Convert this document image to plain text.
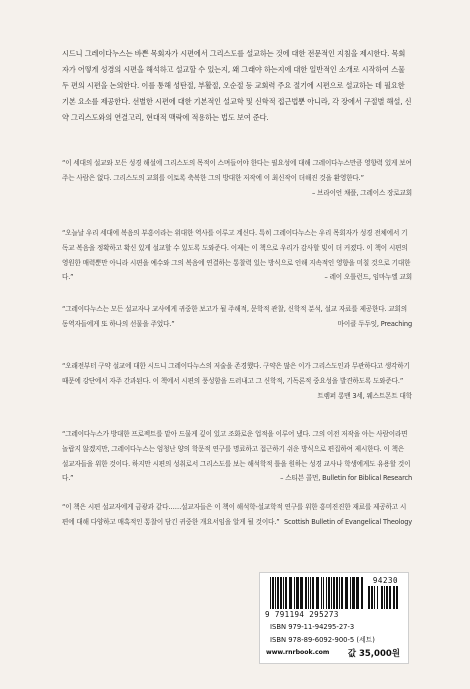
시드니 그레이다누스는 바쁜 목회자가 시편에서 그리스도를 설교하는 것에 대한 전문적인 지침을 제시한다. 목회자가 어떻게 성경의 시편을 해석하고 설교할 수 있는지, 왜 그래야 하는지에 대한 일반적인 소개로 시작하여 스물 두 편의 시편을 논의한다. 이를 통해 성탄절, 부활절, 오순절 등 교회력 주요 절기에 시편으로 설교하는 데 필요한 기본 요소를 제공한다. 선별한 시편에 대한 기본적인 설교학 및 신학적 접근법뿐 아니라, 각 장에서 구절별 해설, 신약 그리스도와의 연결고리, 현대적 맥락에 적용하는 법도 보여 준다.
“이 세대의 설교와 모든 성경 해설에 그리스도의 목적이 스며들어야 한다는 필요성에 대해 그레이다누스만큼 영향력 있게 보여 주는 사람은 없다. 그리스도의 교회를 이토록 축복한 그의 방대한 저작에 이 최신작이 더해진 것을 환영한다.”
– 브라이언 채플, 그레이스 장로교회
“오늘날 우리 세대에 복음의 부흥이라는 위대한 역사를 이루고 계신다. 특히 그레이다누스는 우리 목회자가 성경 전체에서 기독교 복음을 정확하고 확신 있게 설교할 수 있도록 도와준다. 이제는 이 책으로 우리가 감사할 빚이 더 커졌다. 이 책이 시편의 영원한 매력뿐만 아니라 시편을 예수와 그의 복음에 연결하는 통찰력 있는 방식으로 인해 지속적인 영향을 미칠 것으로 기대한다.”	– 레이 오틀런드, 임마누엘 교회
“그레이다누스는 모든 설교자나 교사에게 귀중한 보고가 될 주해적, 문학적 관찰, 신학적 분석, 설교 자료를 제공한다. 교회의 동역자들에게 또 하나의 선물을 주었다.”	마이클 두두잇, Preaching
“오래전부터 구약 설교에 대한 시드니 그레이다누스의 저술을 존경했다. 구약은 많은 이가 그리스도인과 무관하다고 생각하기 때문에 강단에서 자주 간과된다. 이 책에서 시편의 풍성함을 드러내고 그 신학적, 기독론적 중요성을 발견하도록 도와준다.”
트렘퍼 롱맨 3세, 웨스트몬트 대학
“그레이다누스가 방대한 프로젝트를 맡아 드물게 깊이 있고 조화로운 업적을 이루어 냈다. 그의 이전 저작을 아는 사람이라면 놀랍지 않겠지만, 그레이다누스는 엄청난 양의 학문적 연구를 명료하고 접근하기 쉬운 방식으로 편집하여 제시한다. 이 책은 설교자들을 위한 것이다. 하지만 시편의 성취로서 그리스도를 보는 해석학적 틀을 원하는 성경 교사나 학생에게도 유용할 것이다.”	– 스티븐 콜먼, Bulletin for Biblical Research
“이 책은 시편 설교자에게 금광과 같다……설교자들은 이 책이 해석학-설교학적 연구를 위한 흥미진진한 재료를 제공하고 시편에 대해 다양하고 매혹적인 통찰이 담긴 귀중한 개요서임을 알게 될 것이다.” Scottish Bulletin of Evangelical Theology
94230
9 791194 295273
ISBN 979-11-94295-27-3
ISBN 978-89-6092-900-5 (세트)
www.rnrbook.com 값 35,000원
